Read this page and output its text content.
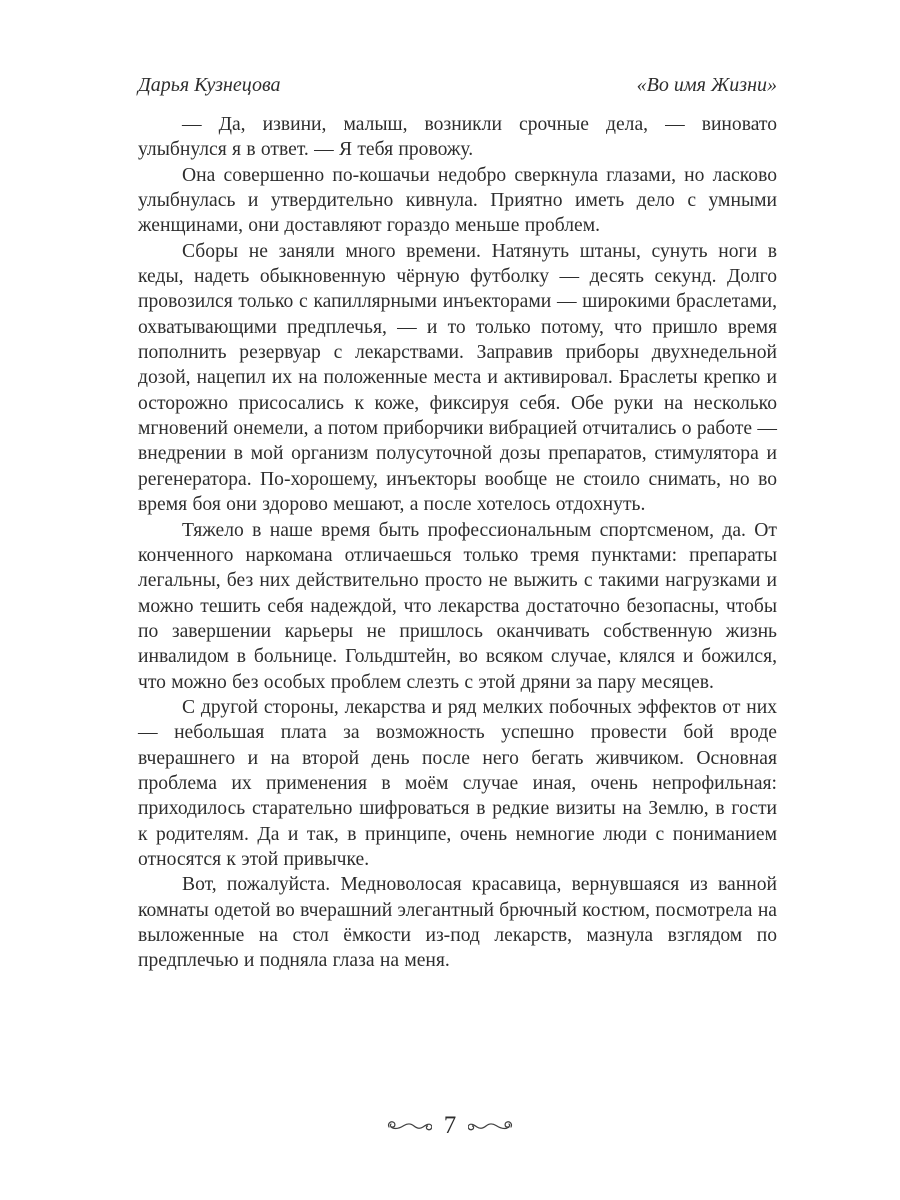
Дарья Кузнецова	«Во имя Жизни»

— Да, извини, малыш, возникли срочные дела, — виновато улыбнулся я в ответ. — Я тебя провожу.

Она совершенно по-кошачьи недобро сверкнула глазами, но ласково улыбнулась и утвердительно кивнула. Приятно иметь дело с умными женщинами, они доставляют гораздо меньше проблем.

Сборы не заняли много времени. Натянуть штаны, сунуть ноги в кеды, надеть обыкновенную чёрную футболку — десять секунд. Долго провозился только с капиллярными инъекторами — широкими браслетами, охватывающими предплечья, — и то только потому, что пришло время пополнить резервуар с лекарствами. Заправив приборы двухнедельной дозой, нацепил их на положенные места и активировал. Браслеты крепко и осторожно присосались к коже, фиксируя себя. Обе руки на несколько мгновений онемели, а потом приборчики вибрацией отчитались о работе — внедрении в мой организм полусуточной дозы препаратов, стимулятора и регенератора. По-хорошему, инъекторы вообще не стоило снимать, но во время боя они здорово мешают, а после хотелось отдохнуть.

Тяжело в наше время быть профессиональным спортсменом, да. От конченного наркомана отличаешься только тремя пунктами: препараты легальны, без них действительно просто не выжить с такими нагрузками и можно тешить себя надеждой, что лекарства достаточно безопасны, чтобы по завершении карьеры не пришлось оканчивать собственную жизнь инвалидом в больнице. Гольдштейн, во всяком случае, клялся и божился, что можно без особых проблем слезть с этой дряни за пару месяцев.

С другой стороны, лекарства и ряд мелких побочных эффектов от них — небольшая плата за возможность успешно провести бой вроде вчерашнего и на второй день после него бегать живчиком. Основная проблема их применения в моём случае иная, очень непрофильная: приходилось старательно шифроваться в редкие визиты на Землю, в гости к родителям. Да и так, в принципе, очень немногие люди с пониманием относятся к этой привычке.

Вот, пожалуйста. Медноволосая красавица, вернувшаяся из ванной комнаты одетой во вчерашний элегантный брючный костюм, посмотрела на выложенные на стол ёмкости из-под лекарств, мазнула взглядом по предплечью и подняла глаза на меня.

7
